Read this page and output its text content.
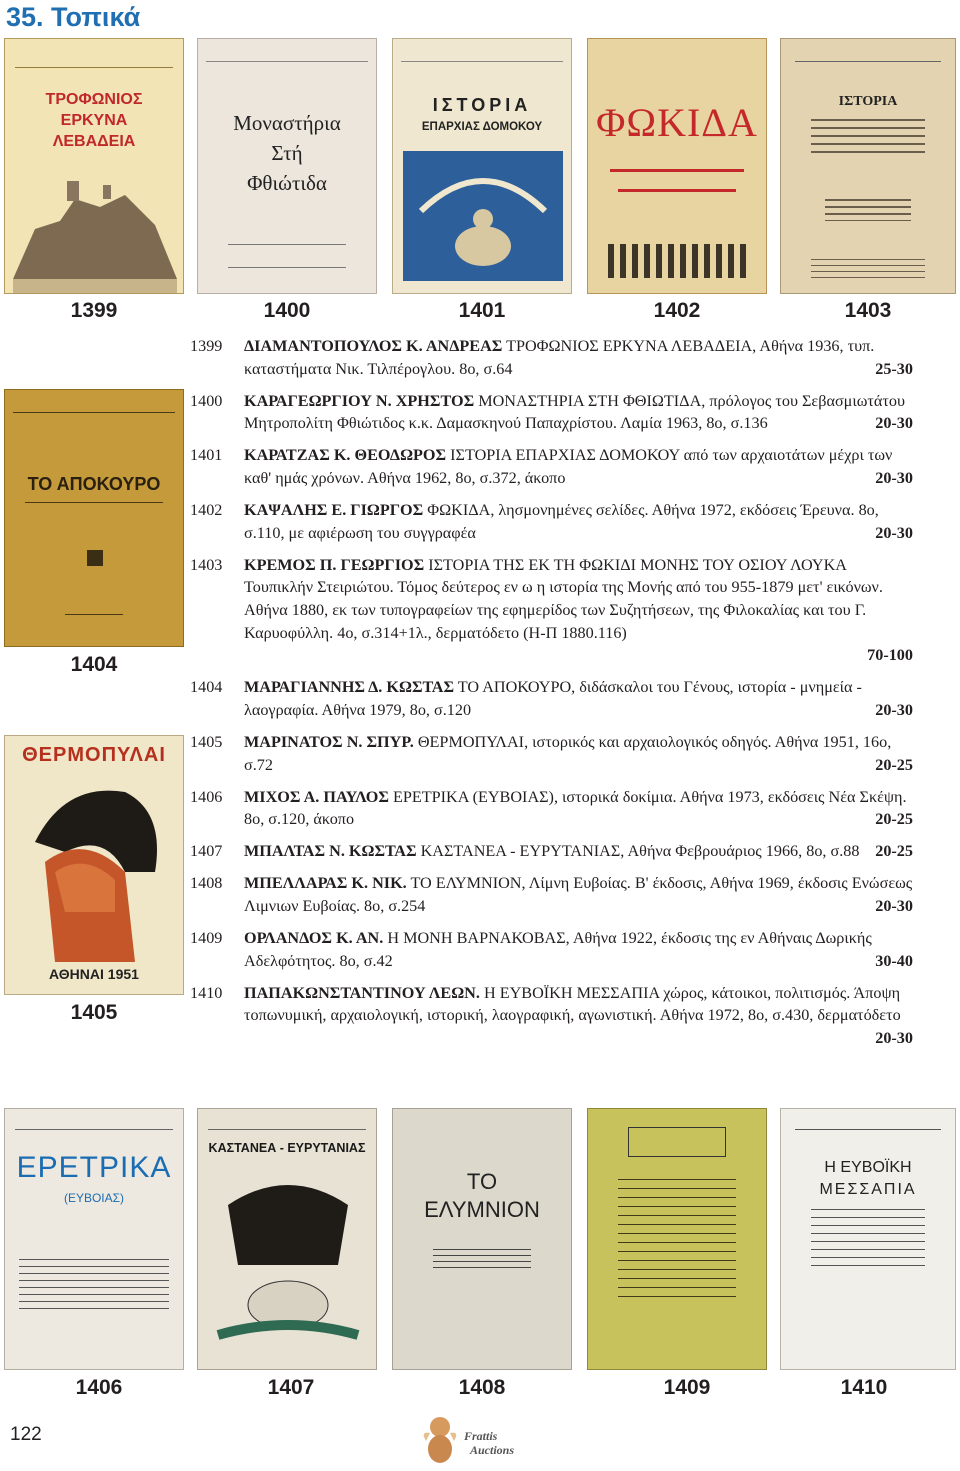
35. Τοπικά
ΤΡΟΦΩΝΙΟΣ
ΕΡΚΥΝΑ
ΛΕΒΑΔΕΙΑ
Μοναστήρια
Στή
Φθιώτιδα
ΙΣΤΟΡΙΑ
ΕΠΑΡΧΙΑΣ ΔΟΜΟΚΟΥ	ΦΩΚΙΔΑ	ΙΣΤΟΡΙΑ
1399	1400	1401	1402	1403
ΤΟ ΑΠΟΚΟΥΡΟ
1404
ΘΕΡΜΟΠΥΛΑΙ
ΑΘΗΝΑΙ 1951
1405
1399 ΔΙΑΜΑΝΤΟΠΟΥΛΟΣ Κ. ΑΝΔΡΕΑΣ ΤΡΟΦΩΝΙΟΣ ΕΡΚΥΝΑ ΛΕΒΑΔΕΙΑ, Αθήνα 1936, τυπ. καταστήματα Νικ. Τιλπέρογλου. 8ο, σ.64	25-30
1400 ΚΑΡΑΓΕΩΡΓΙΟΥ Ν. ΧΡΗΣΤΟΣ ΜΟΝΑΣΤΗΡΙΑ ΣΤΗ ΦΘΙΩΤΙΔΑ, πρόλογος του Σεβασμιωτάτου Μητροπολίτη Φθιώτιδος κ.κ. Δαμασκηνού Παπαχρίστου. Λαμία 1963, 8ο, σ.136	20-30
1401 ΚΑΡΑΤΖΑΣ Κ. ΘΕΟΔΩΡΟΣ ΙΣΤΟΡΙΑ ΕΠΑΡΧΙΑΣ ΔΟΜΟΚΟΥ από των αρχαιοτάτων μέχρι των καθ' ημάς χρόνων. Αθήνα 1962, 8ο, σ.372, άκοπο	20-30
1402 ΚΑΨΑΛΗΣ Ε. ΓΙΩΡΓΟΣ ΦΩΚΙΔΑ, λησμονημένες σελίδες. Αθήνα 1972, εκδόσεις Έρευνα. 8ο, σ.110, με αφιέρωση του συγγραφέα	20-30
1403 ΚΡΕΜΟΣ Π. ΓΕΩΡΓΙΟΣ ΙΣΤΟΡΙΑ ΤΗΣ ΕΚ ΤΗ ΦΩΚΙΔΙ ΜΟΝΗΣ ΤΟΥ ΟΣΙΟΥ ΛΟΥΚΑ Τουπικλήν Στειριώτου. Τόμος δεύτερος εν ω η ιστορία της Μονής από του 955-1879 μετ' εικόνων. Αθήνα 1880, εκ των τυπογραφείων της εφημερίδος των Συζητήσεων, της Φιλοκαλίας και του Γ. Καρυοφύλλη. 4ο, σ.314+1λ., δερματόδετο (Η-Π 1880.116)
70-100
1404 ΜΑΡΑΓΙΑΝΝΗΣ Δ. ΚΩΣΤΑΣ ΤΟ ΑΠΟΚΟΥΡΟ, διδάσκαλοι του Γένους, ιστορία - μνημεία - λαογραφία. Αθήνα 1979, 8ο, σ.120	20-30
1405 ΜΑΡΙΝΑΤΟΣ Ν. ΣΠΥΡ. ΘΕΡΜΟΠΥΛΑΙ, ιστορικός και αρχαιολογικός οδηγός. Αθήνα 1951, 16ο, σ.72	20-25
1406 ΜΙΧΟΣ Α. ΠΑΥΛΟΣ ΕΡΕΤΡΙΚΑ (ΕΥΒΟΙΑΣ), ιστορικά δοκίμια. Αθήνα 1973, εκδόσεις Νέα Σκέψη. 8ο, σ.120, άκοπο	20-25
1407 ΜΠΑΛΤΑΣ Ν. ΚΩΣΤΑΣ ΚΑΣΤΑΝΕΑ - ΕΥΡΥΤΑΝΙΑΣ, Αθήνα Φεβρουάριος 1966, 8ο, σ.88 20-25
1408 ΜΠΕΛΛΑΡΑΣ Κ. ΝΙΚ. ΤΟ ΕΛΥΜΝΙΟΝ, Λίμνη Ευβοίας. Β' έκδοσις, Αθήνα 1969, έκδοσις Ενώσεως Λιμνιων Ευβοίας. 8ο, σ.254	20-30
1409 ΟΡΛΑΝΔΟΣ Κ. ΑΝ. Η ΜΟΝΗ ΒΑΡΝΑΚΟΒΑΣ, Αθήνα 1922, έκδοσις της εν Αθήναις Δωρικής Αδελφότητος. 8ο, σ.42	30-40
1410 ΠΑΠΑΚΩΝΣΤΑΝΤΙΝΟΥ ΛΕΩΝ. Η ΕΥΒΟΪΚΗ ΜΕΣΣΑΠΙΑ χώρος, κάτοικοι, πολιτισμός. Άποψη τοπωνυμική, αρχαιολογική, ιστορική, λαογραφική, αγωνιστική. Αθήνα 1972, 8ο, σ.430, δερματόδετο
20-30
ΕΡΕΤΡΙΚΑ
(ΕΥΒΟΙΑΣ)
ΚΑΣΤΑΝΕΑ - ΕΥΡΥΤΑΝΙΑΣ
ΤΟ
ΕΛΥΜΝΙΟΝ
Η ΕΥΒΟΪΚΗ
ΜΕΣΣΑΠΙΑ
1406	1407	1408	1409	1410
122	Frattis
Auctions
